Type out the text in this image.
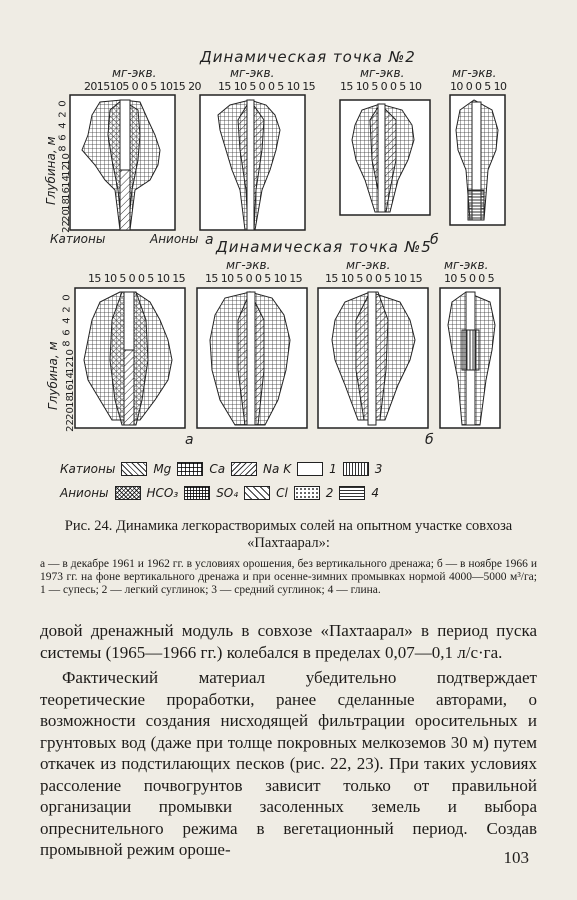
Динамическая точка №2
Динамическая точка №5
мг-экв.	мг-экв.	мг-экв.	мг-экв.
2015105 0 0 5 1015 20 15 10 5 0 0 5 10 15 15 10 5 0 0 5 10	10 0 0 5 10
мг-экв.	мг-экв.	мг-экв.
15 10 5 0 0 5 10 15 15 10 5 0 0 5 10 15 15 10 5 0 0 5 10 15 10 5 0 0 5
Глубина, м
Глубина, м
Катионы	Анионы а	б
а	б
Катионы	Mg	Ca	Na K	1	3
Анионы	HCO₃	SO₄	Cl	2	4
0
2
4
6
8
10
12
14
16
18
20
22
0
2
4
6
8
10
12
14
16
18
20
22
Рис. 24. Динамика легкорастворимых солей на опытном участке совхоза «Пахтаарал»:
а — в декабре 1961 и 1962 гг. в условиях орошения, без вертикального дренажа; б — в ноябре 1966 и 1973 гг. на фоне вертикального дренажа и при осенне-зимних промывках нормой 4000—5000 м³/га; 1 — супесь; 2 — легкий суглинок; 3 — средний суглинок; 4 — глина.

довой дренажный модуль в совхозе «Пахтаарал» в период пуска системы (1965—1966 гг.) колебался в пределах 0,07—0,1 л/с·га.

Фактический материал убедительно подтверждает теоретические проработки, ранее сделанные авторами, о возможности создания нисходящей фильтрации оросительных и грунтовых вод (даже при толще покровных мелкоземов 30 м) путем откачек из подстилающих песков (рис. 22, 23). При таких условиях рассоление почвогрунтов зависит только от правильной организации промывки засоленных земель и выбора опреснительного режима в вегетационный период. Создав промывной режим ороше-	103
